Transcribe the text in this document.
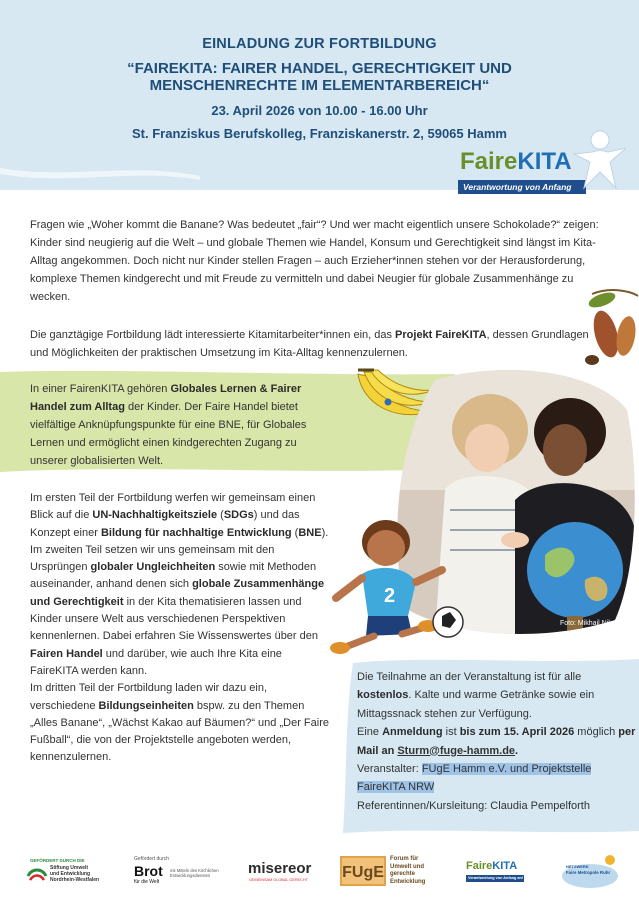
EINLADUNG ZUR FORTBILDUNG
“FAIREKITA: FAIRER HANDEL, GERECHTIGKEIT UND
MENSCHENRECHTE IM ELEMENTARBEREICH“
23. April 2026 von 10.00 - 16.00 Uhr
St. Franziskus Berufskolleg, Franziskanerstr. 2, 59065 Hamm
FaireKITA
Verantwortung von Anfang an!
Fragen wie „Woher kommt die Banane? Was bedeutet „fair“? Und wer macht eigentlich unsere Schokolade?“ zeigen: Kinder sind neugierig auf die Welt – und globale Themen wie Handel, Konsum und Gerechtigkeit sind längst im Kita-Alltag angekommen. Doch nicht nur Kinder stellen Fragen – auch Erzieher*innen stehen vor der Herausforderung, komplexe Themen kindgerecht und mit Freude zu vermitteln und dabei Neugier für globale Zusammenhänge zu wecken.
Die ganztägige Fortbildung lädt interessierte Kitamitarbeiter*innen ein, das Projekt FaireKITA, dessen Grundlagen und Möglichkeiten der praktischen Umsetzung im Kita-Alltag kennenzulernen.
In einer FairenKITA gehören Globales Lernen & Fairer Handel zum Alltag der Kinder. Der Faire Handel bietet vielfältige Anknüpfungspunkte für eine BNE, für Globales Lernen und ermöglicht einen kindgerechten Zugang zu unserer globalisierten Welt.
Foto: Mikhail Nilov
Im ersten Teil der Fortbildung werfen wir gemeinsam einen Blick auf die UN-Nachhaltigkeitsziele (SDGs) und das Konzept einer Bildung für nachhaltige Entwicklung (BNE).
Im zweiten Teil setzen wir uns gemeinsam mit den Ursprüngen globaler Ungleichheiten sowie mit Methoden auseinander, anhand denen sich globale Zusammenhänge und Gerechtigkeit in der Kita thematisieren lassen und Kinder unsere Welt aus verschiedenen Perspektiven kennenlernen. Dabei erfahren Sie Wissenswertes über den Fairen Handel und darüber, wie auch Ihre Kita eine FaireKITA werden kann.
Im dritten Teil der Fortbildung laden wir dazu ein, verschiedene Bildungseinheiten bspw. zu den Themen „Alles Banane“, „Wächst Kakao auf Bäumen?“ und „Der Faire Fußball“, die von der Projektstelle angeboten werden, kennenzulernen.
2
Die Teilnahme an der Veranstaltung ist für alle kostenlos. Kalte und warme Getränke sowie ein Mittagssnack stehen zur Verfügung.
Eine Anmeldung ist bis zum 15. April 2026 möglich per Mail an Sturm@fuge-hamm.de.
Veranstalter: FUgE Hamm e.V. und Projektstelle FaireKITA NRW
Referentinnen/Kursleitung: Claudia Pempelforth
GEFÖRDERT DURCH DIE
Stiftung Umwelt
und Entwicklung
Nordrhein-Westfalen
Gefördert durch
Brot
für die Welt
mit Mitteln des Kirchlichen Entwicklungsdienstes	misereor
GEMEINSAM GLOBAL GERECHT FUgE
Forum für
Umwelt und
gerechte
Entwicklung
FaireKITA
Verantwortung von Anfang an!
NETZWERK
Faire Metropole Ruhr
